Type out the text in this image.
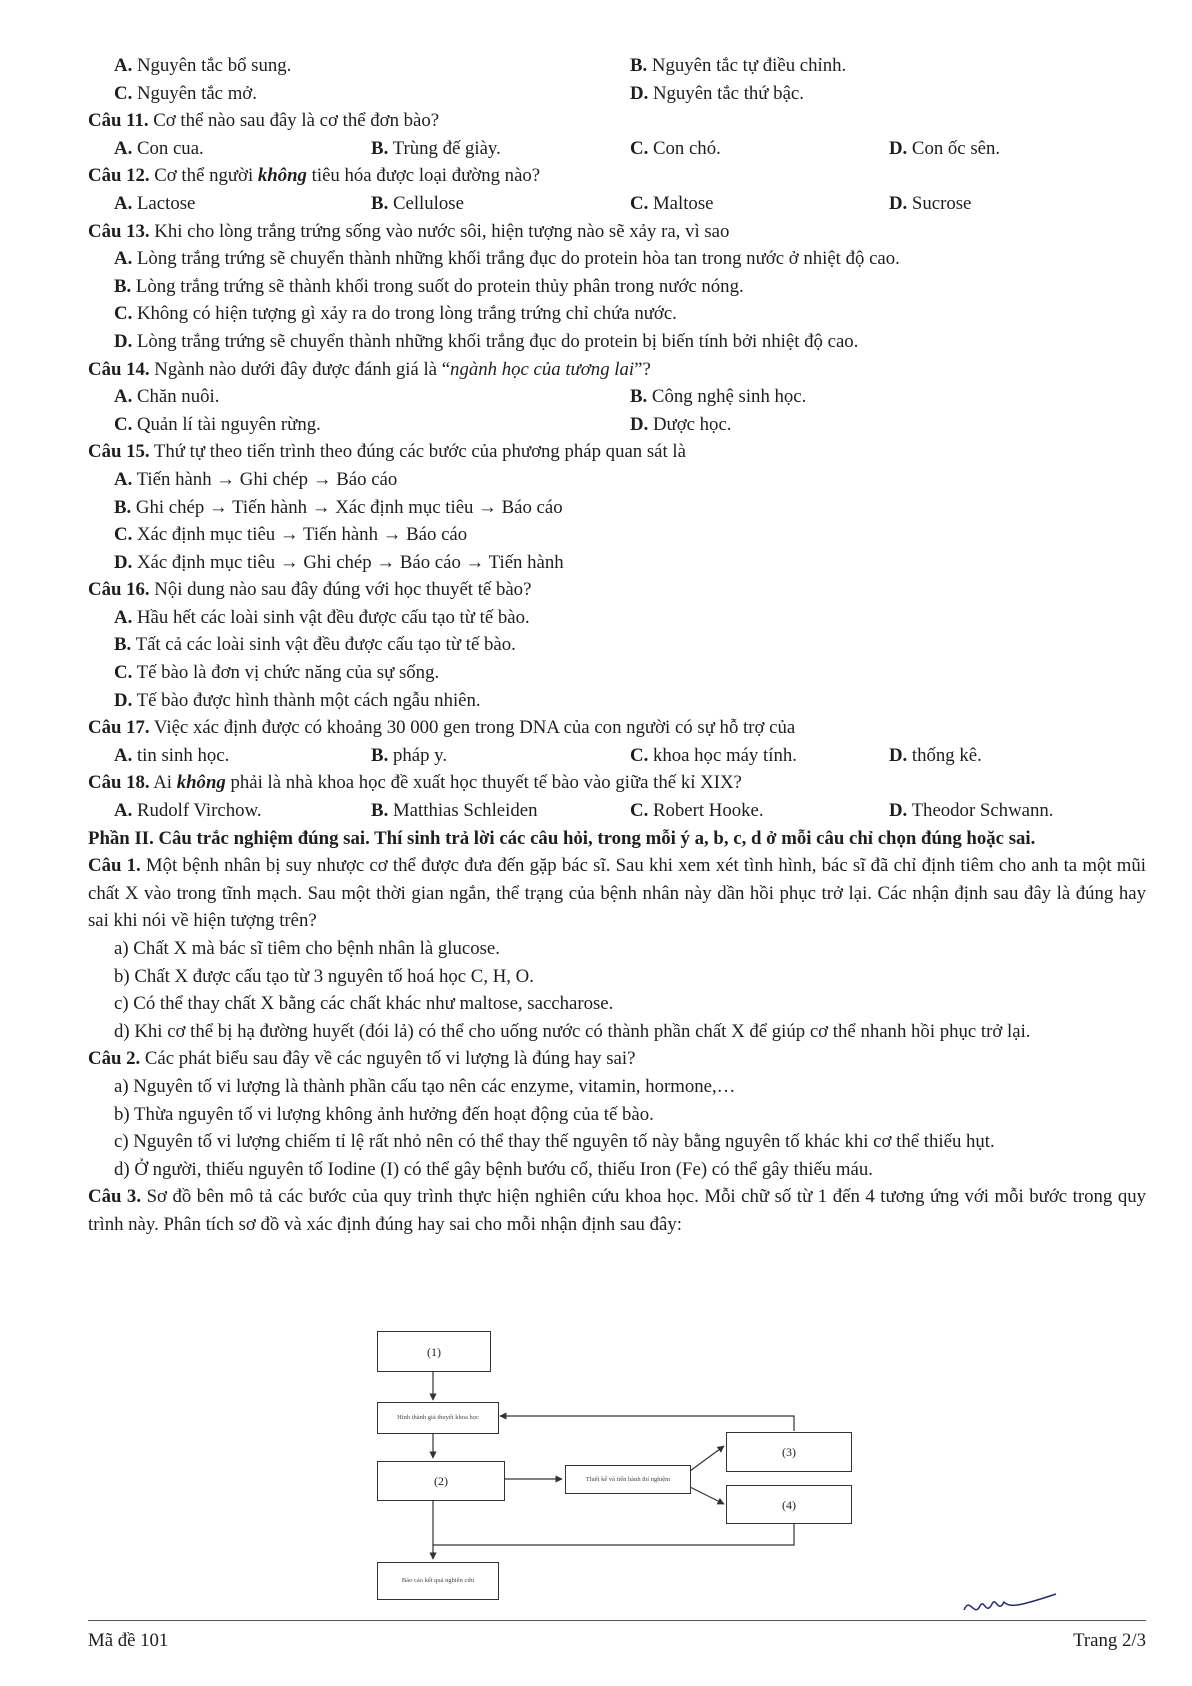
A. Nguyên tắc bổ sung.	B. Nguyên tắc tự điều chỉnh.
C. Nguyên tắc mở.	D. Nguyên tắc thứ bậc.
Câu 11. Cơ thể nào sau đây là cơ thể đơn bào?
A. Con cua.	B. Trùng đế giày.	C. Con chó.	D. Con ốc sên.
Câu 12. Cơ thể người không tiêu hóa được loại đường nào?
A. Lactose	B. Cellulose	C. Maltose	D. Sucrose
Câu 13. Khi cho lòng trắng trứng sống vào nước sôi, hiện tượng nào sẽ xảy ra, vì sao
A. Lòng trắng trứng sẽ chuyển thành những khối trắng đục do protein hòa tan trong nước ở nhiệt độ cao.
B. Lòng trắng trứng sẽ thành khối trong suốt do protein thủy phân trong nước nóng.
C. Không có hiện tượng gì xảy ra do trong lòng trắng trứng chỉ chứa nước.
D. Lòng trắng trứng sẽ chuyển thành những khối trắng đục do protein bị biến tính bởi nhiệt độ cao.
Câu 14. Ngành nào dưới đây được đánh giá là “ngành học của tương lai”?
A. Chăn nuôi.	B. Công nghệ sinh học.
C. Quản lí tài nguyên rừng.	D. Dược học.
Câu 15. Thứ tự theo tiến trình theo đúng các bước của phương pháp quan sát là
A. Tiến hành → Ghi chép → Báo cáo
B. Ghi chép → Tiến hành → Xác định mục tiêu → Báo cáo
C. Xác định mục tiêu → Tiến hành → Báo cáo
D. Xác định mục tiêu → Ghi chép → Báo cáo → Tiến hành
Câu 16. Nội dung nào sau đây đúng với học thuyết tế bào?
A. Hầu hết các loài sinh vật đều được cấu tạo từ tế bào.
B. Tất cả các loài sinh vật đều được cấu tạo từ tế bào.
C. Tế bào là đơn vị chức năng của sự sống.
D. Tế bào được hình thành một cách ngẫu nhiên.
Câu 17. Việc xác định được có khoảng 30 000 gen trong DNA của con người có sự hỗ trợ của
A. tin sinh học.	B. pháp y.	C. khoa học máy tính.	D. thống kê.
Câu 18. Ai không phải là nhà khoa học đề xuất học thuyết tế bào vào giữa thế kỉ XIX?
A. Rudolf Virchow.	B. Matthias Schleiden	C. Robert Hooke.	D. Theodor Schwann.
Phần II. Câu trắc nghiệm đúng sai. Thí sinh trả lời các câu hỏi, trong mỗi ý a, b, c, d ở mỗi câu chỉ chọn đúng hoặc sai.
Câu 1. Một bệnh nhân bị suy nhược cơ thể được đưa đến gặp bác sĩ. Sau khi xem xét tình hình, bác sĩ đã chỉ định tiêm cho anh ta một mũi chất X vào trong tĩnh mạch. Sau một thời gian ngắn, thể trạng của bệnh nhân này dần hồi phục trở lại. Các nhận định sau đây là đúng hay sai khi nói về hiện tượng trên?
a) Chất X mà bác sĩ tiêm cho bệnh nhân là glucose.
b) Chất X được cấu tạo từ 3 nguyên tố hoá học C, H, O.
c) Có thể thay chất X bằng các chất khác như maltose, saccharose.
d) Khi cơ thể bị hạ đường huyết (đói lả) có thể cho uống nước có thành phần chất X để giúp cơ thể nhanh hồi phục trở lại.
Câu 2. Các phát biểu sau đây về các nguyên tố vi lượng là đúng hay sai?
a) Nguyên tố vi lượng là thành phần cấu tạo nên các enzyme, vitamin, hormone,…
b) Thừa nguyên tố vi lượng không ảnh hưởng đến hoạt động của tế bào.
c) Nguyên tố vi lượng chiếm tỉ lệ rất nhỏ nên có thể thay thế nguyên tố này bằng nguyên tố khác khi cơ thể thiếu hụt.
d) Ở người, thiếu nguyên tố Iodine (I) có thể gây bệnh bướu cổ, thiếu Iron (Fe) có thể gây thiếu máu.
Câu 3. Sơ đồ bên mô tả các bước của quy trình thực hiện nghiên cứu khoa học. Mỗi chữ số từ 1 đến 4 tương ứng với mỗi bước trong quy trình này. Phân tích sơ đồ và xác định đúng hay sai cho mỗi nhận định sau đây:
(1)
Hình thành giả thuyết khoa học
(2)	Thiết kế và tiến hành thí nghiệm
(3)
(4)
Báo cáo kết quả nghiên cứu
Mã đề 101	Trang 2/3
